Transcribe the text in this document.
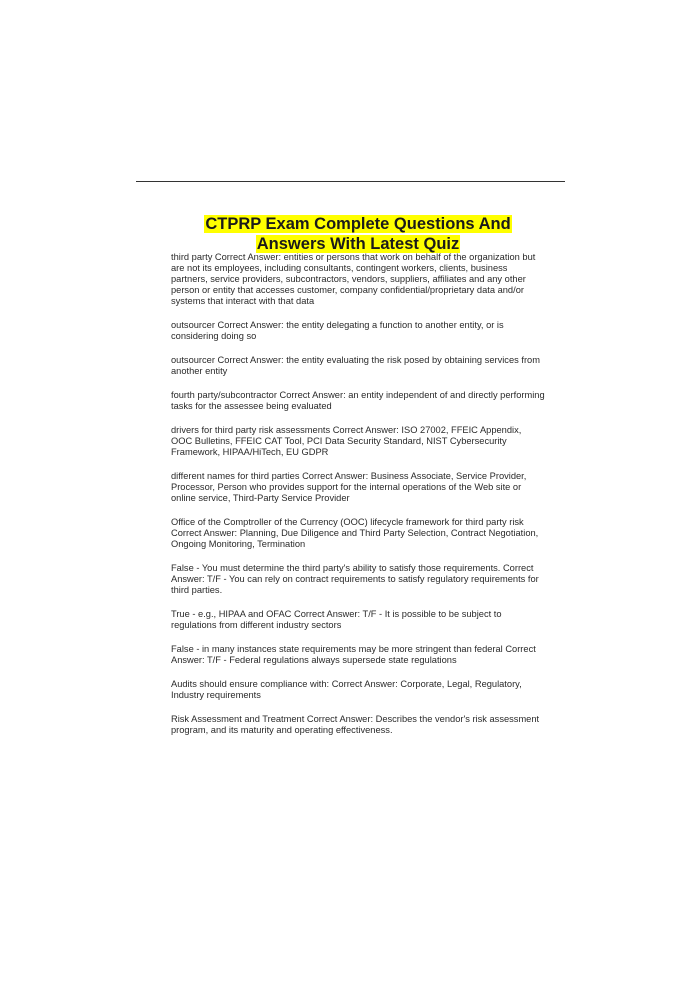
CTPRP Exam Complete Questions And Answers With Latest Quiz

third party Correct Answer: entities or persons that work on behalf of the organization but are not its employees, including consultants, contingent workers, clients, business partners, service providers, subcontractors, vendors, suppliers, affiliates and any other person or entity that accesses customer, company confidential/proprietary data and/or systems that interact with that data

outsourcer Correct Answer: the entity delegating a function to another entity, or is considering doing so

outsourcer Correct Answer: the entity evaluating the risk posed by obtaining services from another entity

fourth party/subcontractor Correct Answer: an entity independent of and directly performing tasks for the assessee being evaluated

drivers for third party risk assessments Correct Answer: ISO 27002, FFEIC Appendix, OOC Bulletins, FFEIC CAT Tool, PCI Data Security Standard, NIST Cybersecurity Framework, HIPAA/HiTech, EU GDPR

different names for third parties Correct Answer: Business Associate, Service Provider, Processor, Person who provides support for the internal operations of the Web site or online service, Third-Party Service Provider

Office of the Comptroller of the Currency (OOC) lifecycle framework for third party risk Correct Answer: Planning, Due Diligence and Third Party Selection, Contract Negotiation, Ongoing Monitoring, Termination

False - You must determine the third party's ability to satisfy those requirements. Correct Answer: T/F - You can rely on contract requirements to satisfy regulatory requirements for third parties.

True - e.g., HIPAA and OFAC Correct Answer: T/F - It is possible to be subject to regulations from different industry sectors

False - in many instances state requirements may be more stringent than federal Correct Answer: T/F - Federal regulations always supersede state regulations

Audits should ensure compliance with: Correct Answer: Corporate, Legal, Regulatory, Industry requirements

Risk Assessment and Treatment Correct Answer: Describes the vendor's risk assessment program, and its maturity and operating effectiveness.
